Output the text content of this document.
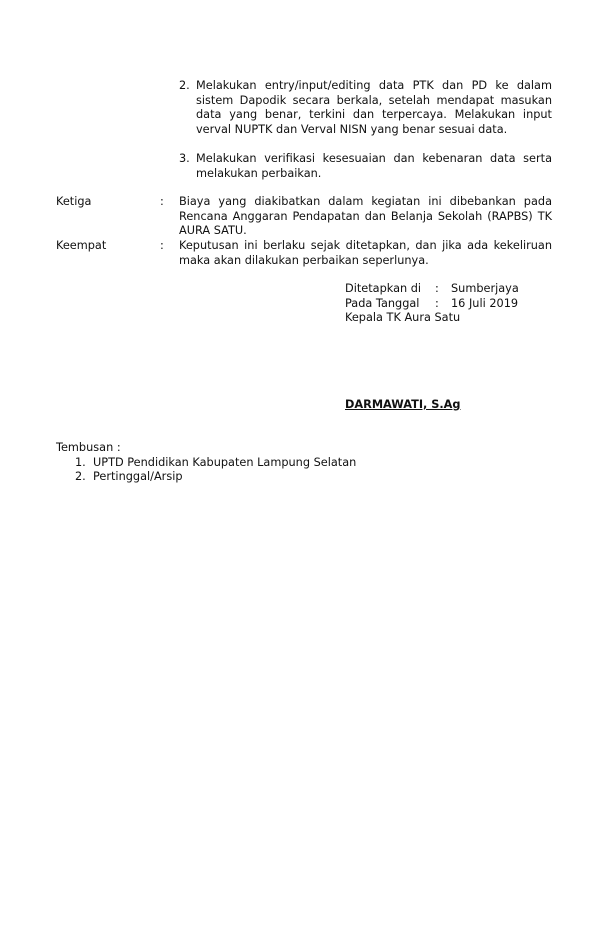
2. Melakukan entry/input/editing data PTK dan PD ke dalam sistem Dapodik secara berkala, setelah mendapat masukan data yang benar, terkini dan terpercaya. Melakukan input verval NUPTK dan Verval NISN yang benar sesuai data.
3. Melakukan verifikasi kesesuaian dan kebenaran data serta melakukan perbaikan.
Ketiga	: Biaya yang diakibatkan dalam kegiatan ini dibebankan pada Rencana Anggaran Pendapatan dan Belanja Sekolah (RAPBS) TK AURA SATU.
Keempat	: Keputusan ini berlaku sejak ditetapkan, dan jika ada kekeliruan maka akan dilakukan perbaikan seperlunya.
Ditetapkan di : Sumberjaya
Pada Tanggal : 16 Juli 2019
Kepala TK Aura Satu
DARMAWATI, S.Ag
Tembusan :
1. UPTD Pendidikan Kabupaten Lampung Selatan
2. Pertinggal/Arsip
